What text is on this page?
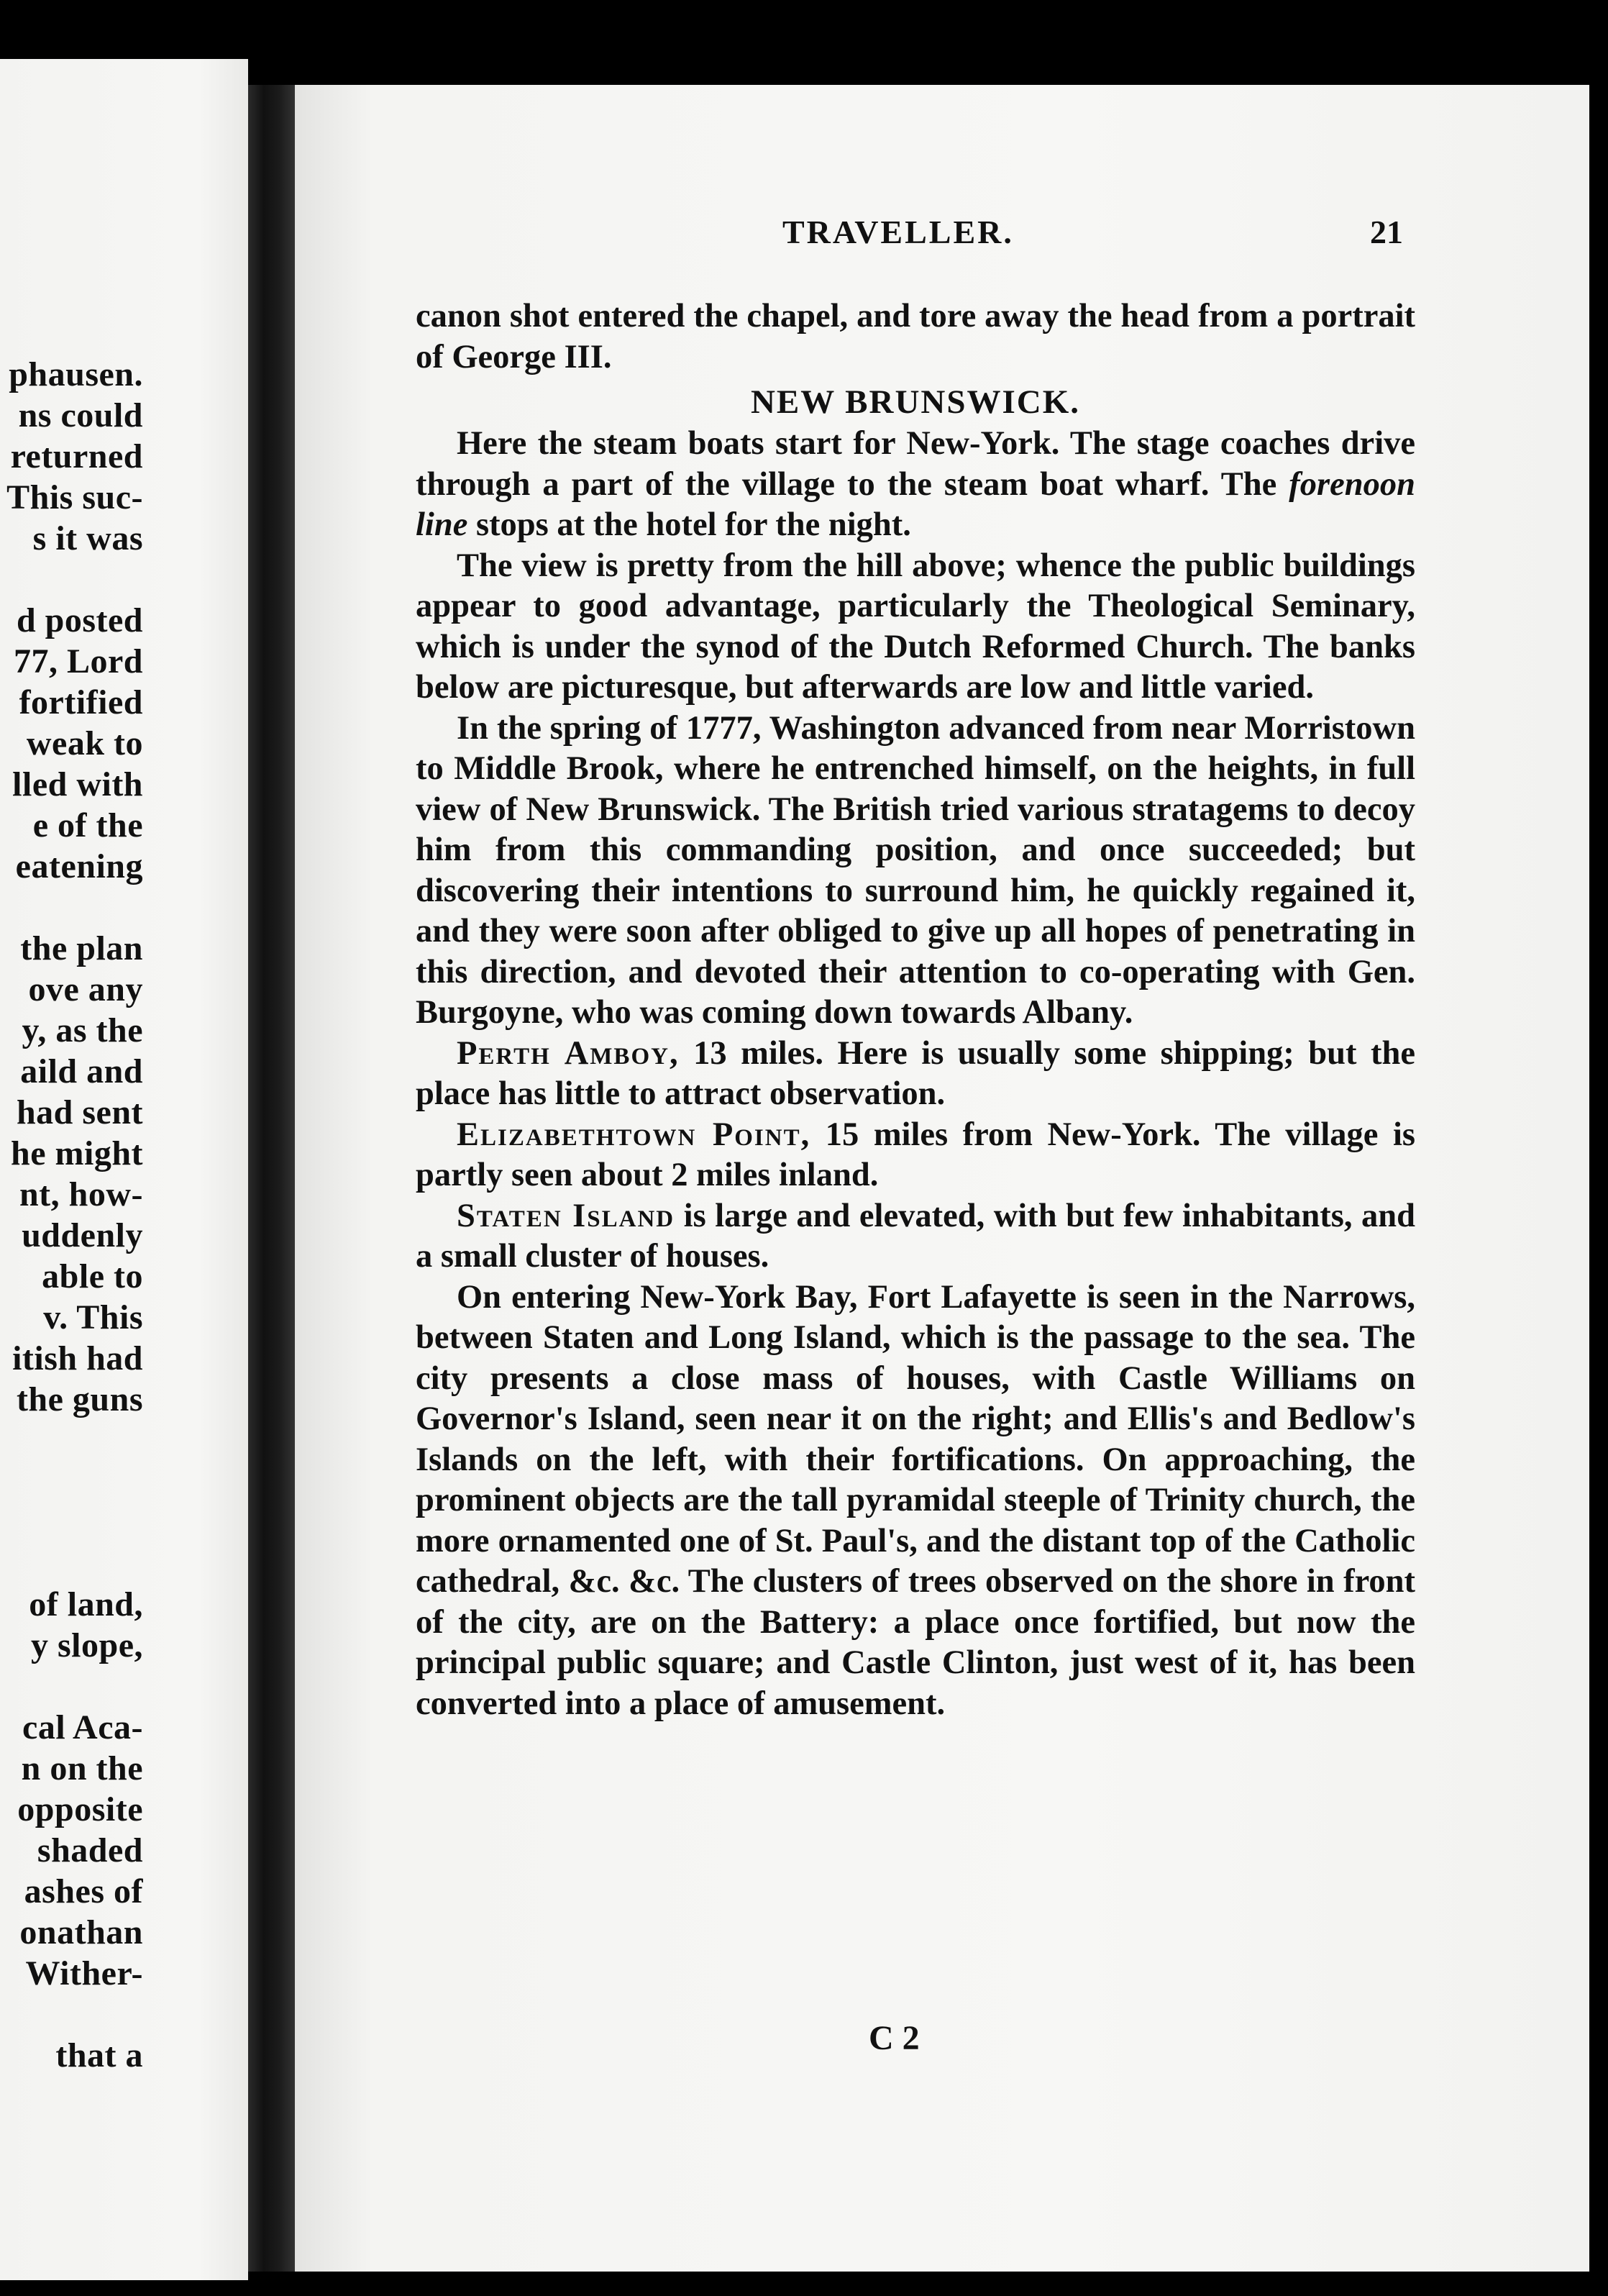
phausen.
ns could
returned
This suc-
s it was
d posted
77, Lord
fortified
weak to
lled with
e of the
eatening
the plan
ove any
y, as the
aild and
had sent
he might
nt, how-
uddenly
able to
v. This
itish had
the guns
of land,
y slope,
cal Aca-
n on the
opposite
shaded
ashes of
onathan
Wither-
that a
TRAVELLER.	21

canon shot entered the chapel, and tore away the head from a portrait of George III.

NEW BRUNSWICK.

Here the steam boats start for New-York. The stage coaches drive through a part of the village to the steam boat wharf. The forenoon line stops at the hotel for the night.

The view is pretty from the hill above; whence the public buildings appear to good advantage, particularly the Theological Seminary, which is under the synod of the Dutch Reformed Church. The banks below are picturesque, but afterwards are low and little varied.

In the spring of 1777, Washington advanced from near Morristown to Middle Brook, where he entrenched himself, on the heights, in full view of New Brunswick. The British tried various stratagems to decoy him from this commanding position, and once succeeded; but discovering their intentions to surround him, he quickly regained it, and they were soon after obliged to give up all hopes of penetrating in this direction, and devoted their attention to co-operating with Gen. Burgoyne, who was coming down towards Albany.

Perth Amboy, 13 miles. Here is usually some shipping; but the place has little to attract observation.

Elizabethtown Point, 15 miles from New-York. The village is partly seen about 2 miles inland.

Staten Island is large and elevated, with but few inhabitants, and a small cluster of houses.

On entering New-York Bay, Fort Lafayette is seen in the Narrows, between Staten and Long Island, which is the passage to the sea. The city presents a close mass of houses, with Castle Williams on Governor's Island, seen near it on the right; and Ellis's and Bedlow's Islands on the left, with their fortifications. On approaching, the prominent objects are the tall pyramidal steeple of Trinity church, the more ornamented one of St. Paul's, and the distant top of the Catholic cathedral, &c. &c. The clusters of trees observed on the shore in front of the city, are on the Battery: a place once fortified, but now the principal public square; and Castle Clinton, just west of it, has been converted into a place of amusement.

C 2
